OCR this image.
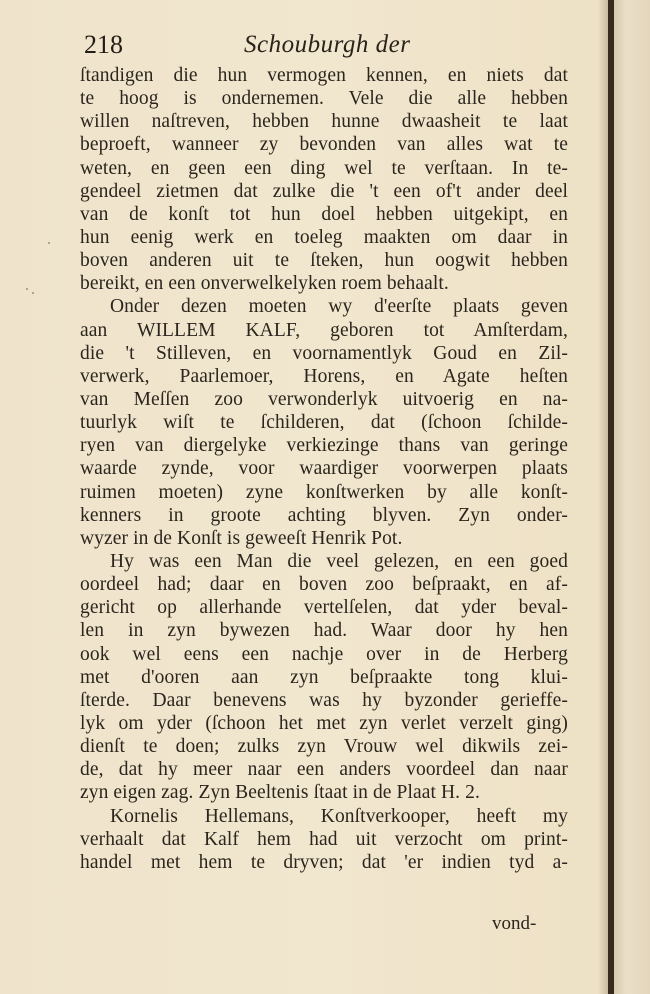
218	Schouburgh der
ſtandigen die hun vermogen kennen, en niets dat
te hoog is ondernemen. Vele die alle hebben
willen naſtreven, hebben hunne dwaasheit te laat
beproeft, wanneer zy bevonden van alles wat te
weten, en geen een ding wel te verſtaan. In te-
gendeel zietmen dat zulke die 't een of't ander deel
van de konſt tot hun doel hebben uitgekipt, en
hun eenig werk en toeleg maakten om daar in
boven anderen uit te ſteken, hun oogwit hebben
bereikt, en een onverwelkelyken roem behaalt.
Onder dezen moeten wy d'eerſte plaats geven
aan WILLEM KALF, geboren tot Amſterdam,
die 't Stilleven, en voornamentlyk Goud en Zil-
verwerk, Paarlemoer, Horens, en Agate heſten
van Meſſen zoo verwonderlyk uitvoerig en na-
tuurlyk wiſt te ſchilderen, dat (ſchoon ſchilde-
ryen van diergelyke verkiezinge thans van geringe
waarde zynde, voor waardiger voorwerpen plaats
ruimen moeten) zyne konſtwerken by alle konſt-
kenners in groote achting blyven. Zyn onder-
wyzer in de Konſt is geweeſt Henrik Pot.
Hy was een Man die veel gelezen, en een goed
oordeel had; daar en boven zoo beſpraakt, en af-
gericht op allerhande vertelſelen, dat yder beval-
len in zyn bywezen had. Waar door hy hen
ook wel eens een nachje over in de Herberg
met d'ooren aan zyn beſpraakte tong klui-
ſterde. Daar benevens was hy byzonder gerieffe-
lyk om yder (ſchoon het met zyn verlet verzelt ging)
dienſt te doen; zulks zyn Vrouw wel dikwils zei-
de, dat hy meer naar een anders voordeel dan naar
zyn eigen zag. Zyn Beeltenis ſtaat in de Plaat H. 2.
Kornelis Hellemans, Konſtverkooper, heeft my
verhaalt dat Kalf hem had uit verzocht om print-
handel met hem te dryven; dat 'er indien tyd a-
vond-
